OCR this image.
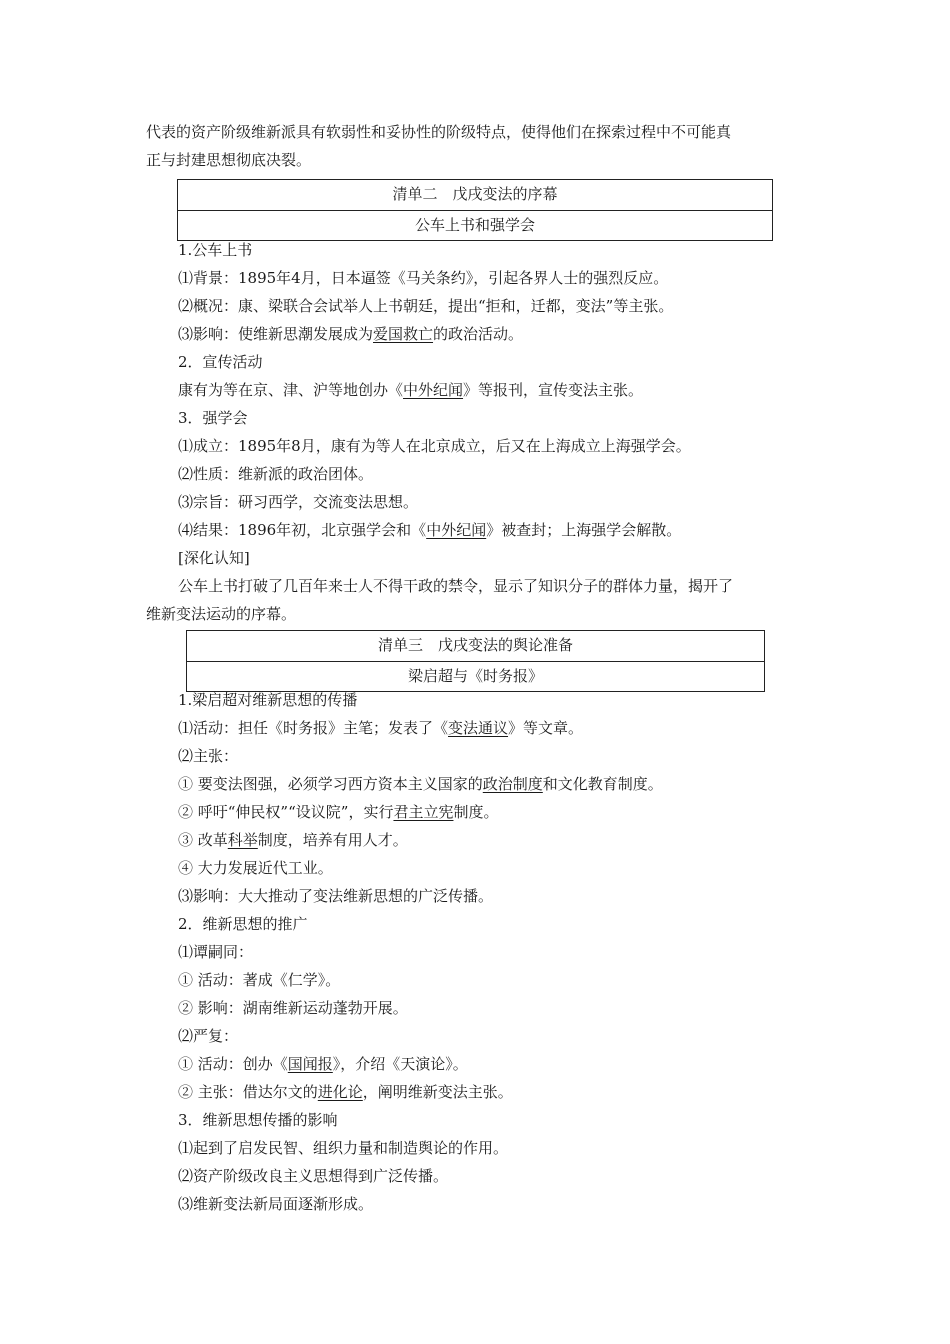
代表的资产阶级维新派具有软弱性和妥协性的阶级特点，使得他们在探索过程中不可能真
正与封建思想彻底决裂。
清单二　戊戌变法的序幕
公车上书和强学会
1.公车上书
⑴背景：1895年4月，日本逼签《马关条约》，引起各界人士的强烈反应。
⑵概况：康、梁联合会试举人上书朝廷，提出“拒和，迁都，变法”等主张。
⑶影响：使维新思潮发展成为爱国救亡的政治活动。
2．宣传活动
康有为等在京、津、沪等地创办《中外纪闻》等报刊，宣传变法主张。
3．强学会
⑴成立：1895年8月，康有为等人在北京成立，后又在上海成立上海强学会。
⑵性质：维新派的政治团体。
⑶宗旨：研习西学，交流变法思想。
⑷结果：1896年初，北京强学会和《中外纪闻》被查封；上海强学会解散。
[深化认知]
公车上书打破了几百年来士人不得干政的禁令，显示了知识分子的群体力量，揭开了
维新变法运动的序幕。
清单三　戊戌变法的舆论准备
梁启超与《时务报》
1.梁启超对维新思想的传播
⑴活动：担任《时务报》主笔；发表了《变法通议》等文章。
⑵主张：
① 要变法图强，必须学习西方资本主义国家的政治制度和文化教育制度。
② 呼吁“伸民权”“设议院”，实行君主立宪制度。
③ 改革科举制度，培养有用人才。
④ 大力发展近代工业。
⑶影响：大大推动了变法维新思想的广泛传播。
2．维新思想的推广
⑴谭嗣同：
① 活动：著成《仁学》。
② 影响：湖南维新运动蓬勃开展。
⑵严复：
① 活动：创办《国闻报》，介绍《天演论》。
② 主张：借达尔文的进化论，阐明维新变法主张。
3．维新思想传播的影响
⑴起到了启发民智、组织力量和制造舆论的作用。
⑵资产阶级改良主义思想得到广泛传播。
⑶维新变法新局面逐渐形成。
